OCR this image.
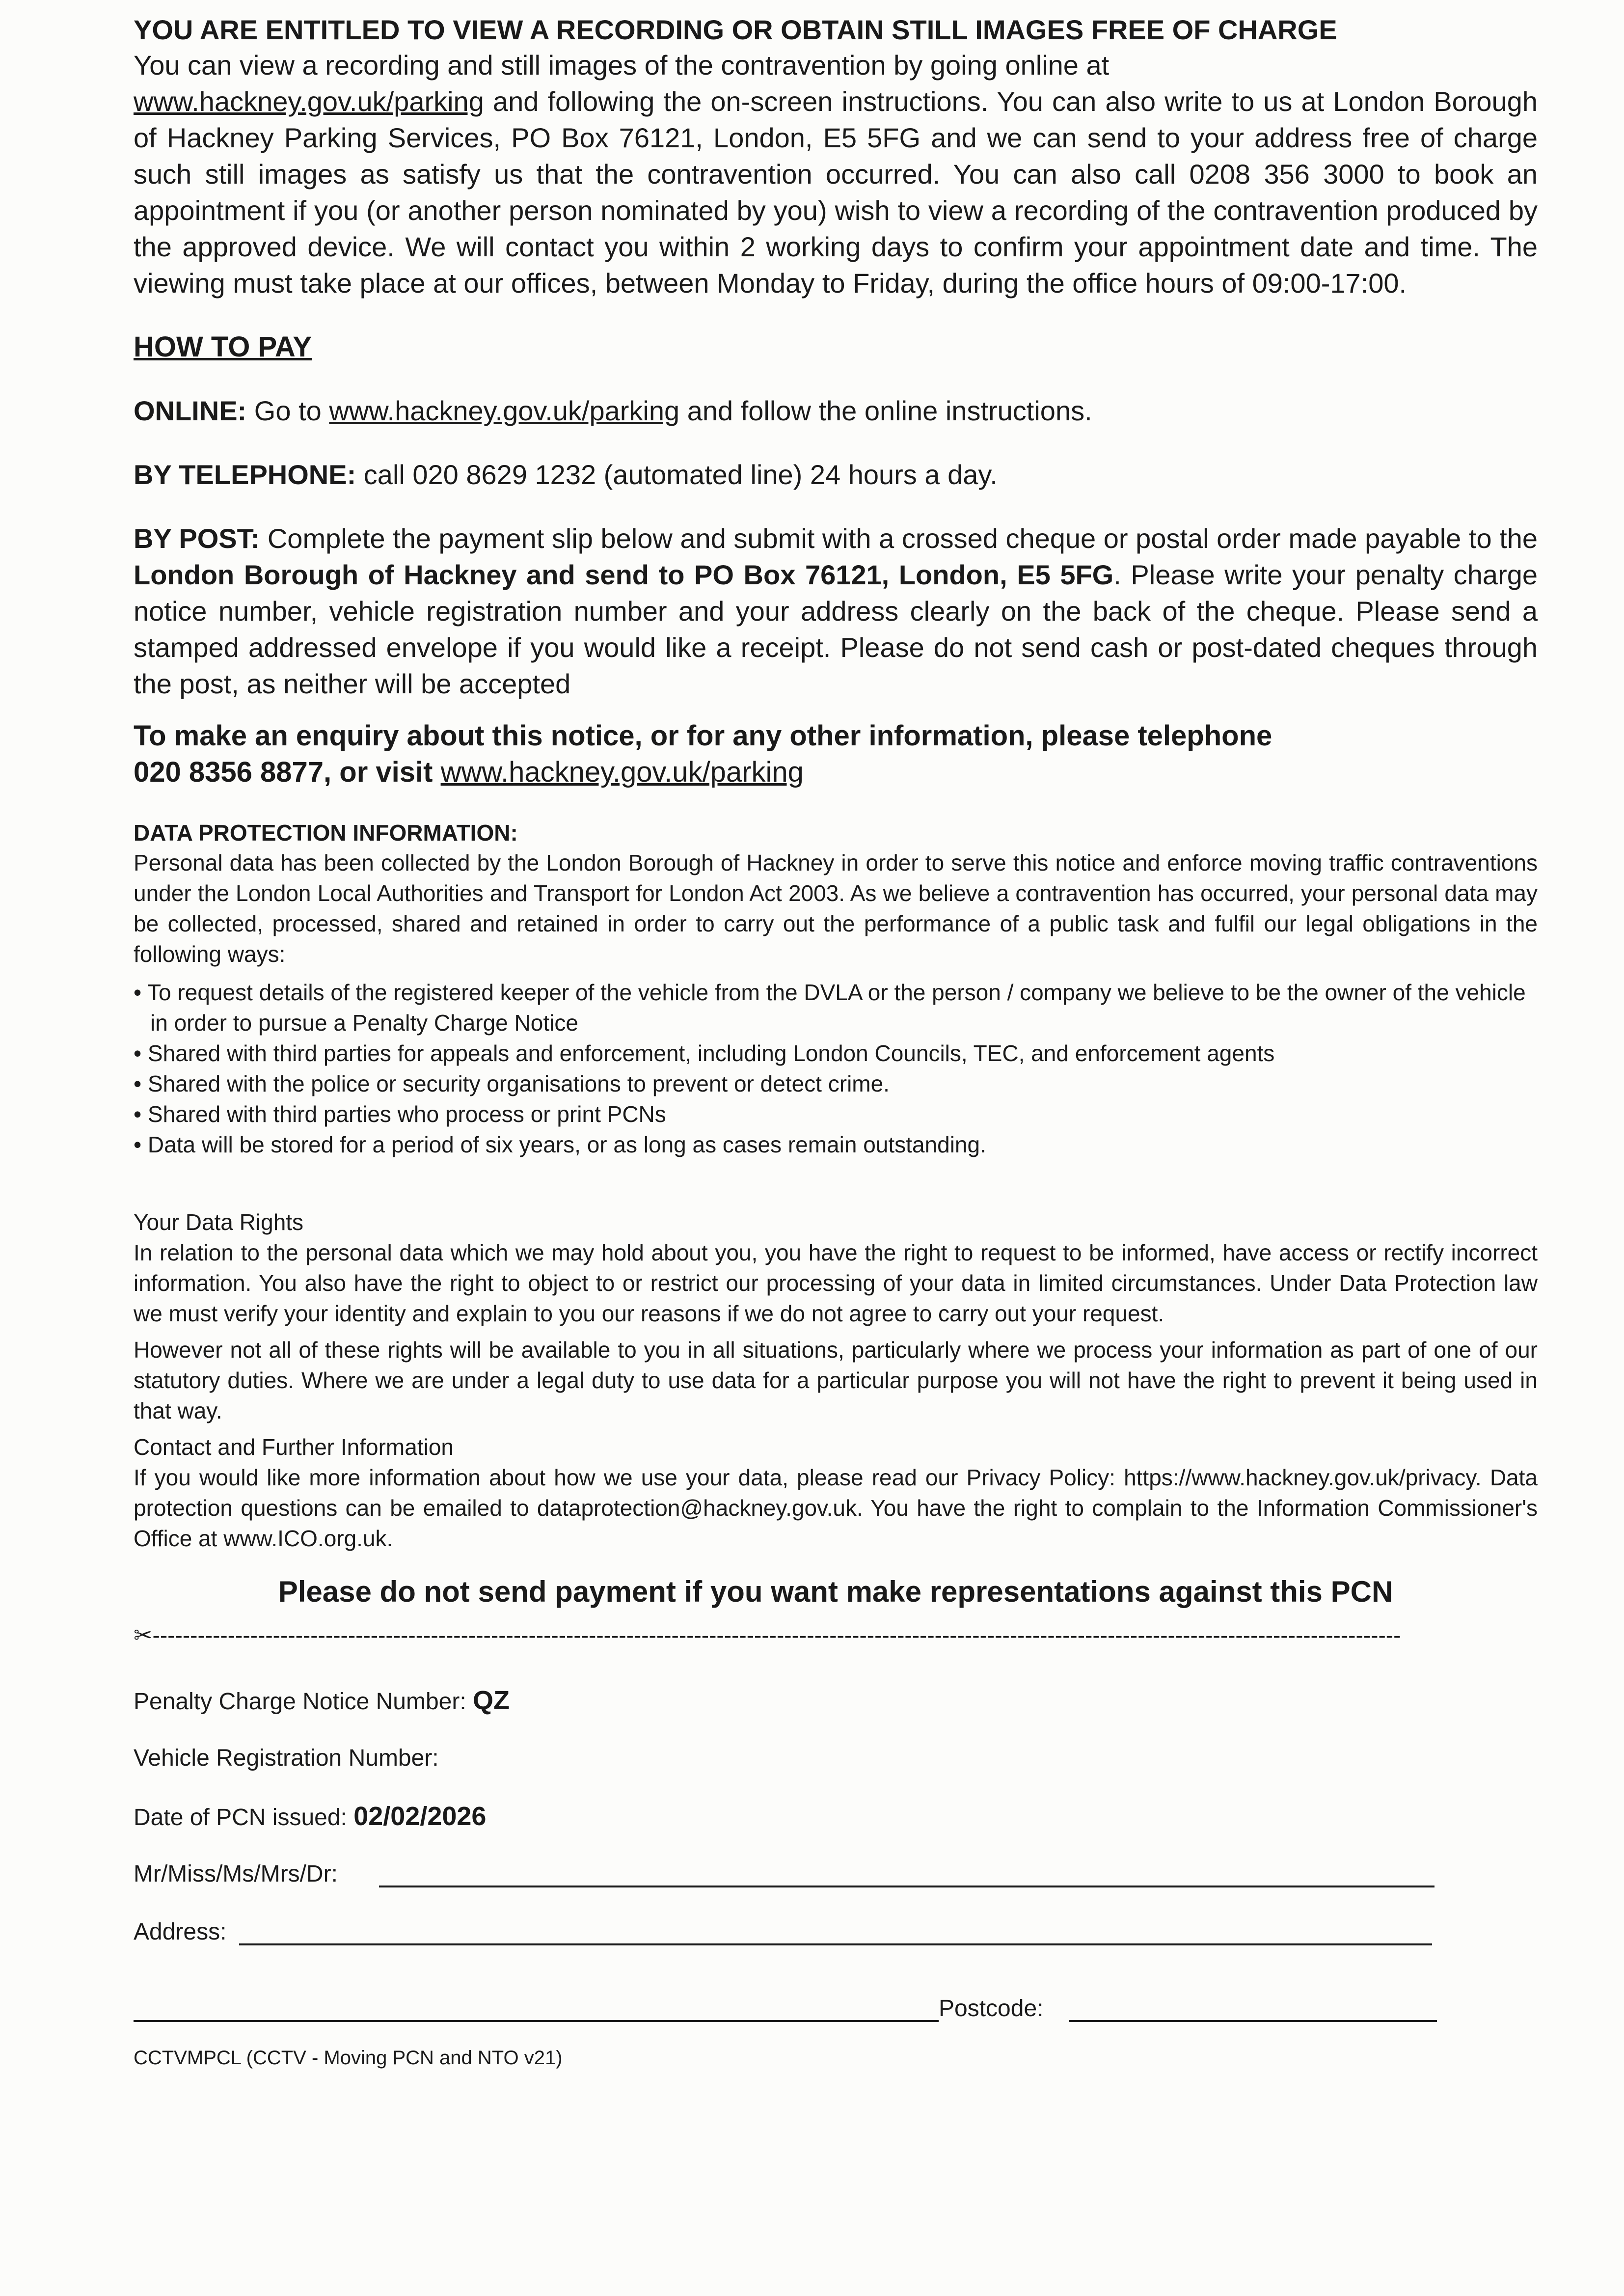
YOU ARE ENTITLED TO VIEW A RECORDING OR OBTAIN STILL IMAGES FREE OF CHARGE

You can view a recording and still images of the contravention by going online at
www.hackney.gov.uk/parking and following the on-screen instructions. You can also write to us at London Borough of Hackney Parking Services, PO Box 76121, London, E5 5FG and we can send to your address free of charge such still images as satisfy us that the contravention occurred. You can also call 0208 356 3000 to book an appointment if you (or another person nominated by you) wish to view a recording of the contravention produced by the approved device. We will contact you within 2 working days to confirm your appointment date and time. The viewing must take place at our offices, between Monday to Friday, during the office hours of 09:00-17:00.

HOW TO PAY

ONLINE: Go to www.hackney.gov.uk/parking and follow the online instructions.

BY TELEPHONE: call 020 8629 1232 (automated line) 24 hours a day.

BY POST: Complete the payment slip below and submit with a crossed cheque or postal order made payable to the London Borough of Hackney and send to PO Box 76121, London, E5 5FG. Please write your penalty charge notice number, vehicle registration number and your address clearly on the back of the cheque. Please send a stamped addressed envelope if you would like a receipt. Please do not send cash or post-dated cheques through the post, as neither will be accepted

To make an enquiry about this notice, or for any other information, please telephone
020 8356 8877, or visit www.hackney.gov.uk/parking

DATA PROTECTION INFORMATION:

Personal data has been collected by the London Borough of Hackney in order to serve this notice and enforce moving traffic contraventions under the London Local Authorities and Transport for London Act 2003. As we believe a contravention has occurred, your personal data may be collected, processed, shared and retained in order to carry out the performance of a public task and fulfil our legal obligations in the following ways:

• To request details of the registered keeper of the vehicle from the DVLA or the person / company we believe to be the owner of the vehicle in order to pursue a Penalty Charge Notice
• Shared with third parties for appeals and enforcement, including London Councils, TEC, and enforcement agents
• Shared with the police or security organisations to prevent or detect crime.
• Shared with third parties who process or print PCNs
• Data will be stored for a period of six years, or as long as cases remain outstanding.

Your Data Rights

In relation to the personal data which we may hold about you, you have the right to request to be informed, have access or rectify incorrect information. You also have the right to object to or restrict our processing of your data in limited circumstances. Under Data Protection law we must verify your identity and explain to you our reasons if we do not agree to carry out your request.

However not all of these rights will be available to you in all situations, particularly where we process your information as part of one of our statutory duties. Where we are under a legal duty to use data for a particular purpose you will not have the right to prevent it being used in that way.

Contact and Further Information

If you would like more information about how we use your data, please read our Privacy Policy: https://www.hackney.gov.uk/privacy. Data protection questions can be emailed to dataprotection@hackney.gov.uk. You have the right to complain to the Information Commissioner's Office at www.ICO.org.uk.

Please do not send payment if you want make representations against this PCN

✂----------------------------------------------------------------------------------------------------------------------------------------------------------------------

Penalty Charge Notice Number: QZ

Vehicle Registration Number:

Date of PCN issued: 02/02/2026

Mr/Miss/Ms/Mrs/Dr:

Address:

Postcode:

CCTVMPCL (CCTV - Moving PCN and NTO v21)
